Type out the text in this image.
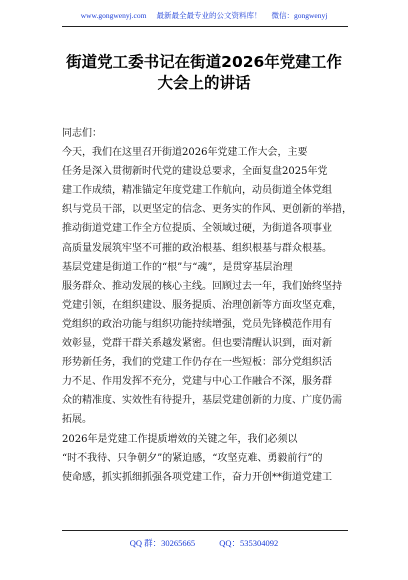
www.gongwenyj.com 最新最全最专业的公文资料库！ 微信：gongwenyj
街道党工委书记在街道2026年党建工作
大会上的讲话
同志们：
今天，我们在这里召开街道2026年党建工作大会，主要
任务是深入贯彻新时代党的建设总要求，全面复盘2025年党
建工作成绩，精准锚定年度党建工作航向，动员街道全体党组
织与党员干部，以更坚定的信念、更务实的作风、更创新的举措，
推动街道党建工作全方位提质、全领域过硬，为街道各项事业
高质量发展筑牢坚不可摧的政治根基、组织根基与群众根基。
基层党建是街道工作的“根”与“魂”，是贯穿基层治理
服务群众、推动发展的核心主线。回顾过去一年，我们始终坚持
党建引领，在组织建设、服务提质、治理创新等方面攻坚克难，
党组织的政治功能与组织功能持续增强，党员先锋模范作用有
效彰显，党群干群关系越发紧密。但也要清醒认识到，面对新
形势新任务，我们的党建工作仍存在一些短板：部分党组织活
力不足、作用发挥不充分，党建与中心工作融合不深，服务群
众的精准度、实效性有待提升，基层党建创新的力度、广度仍需
拓展。
2026年是党建工作提质增效的关键之年，我们必须以
“时不我待、只争朝夕”的紧迫感，“攻坚克难、勇毅前行”的
使命感，抓实抓细抓强各项党建工作，奋力开创**街道党建工
QQ 群：30265665	QQ：535304092
